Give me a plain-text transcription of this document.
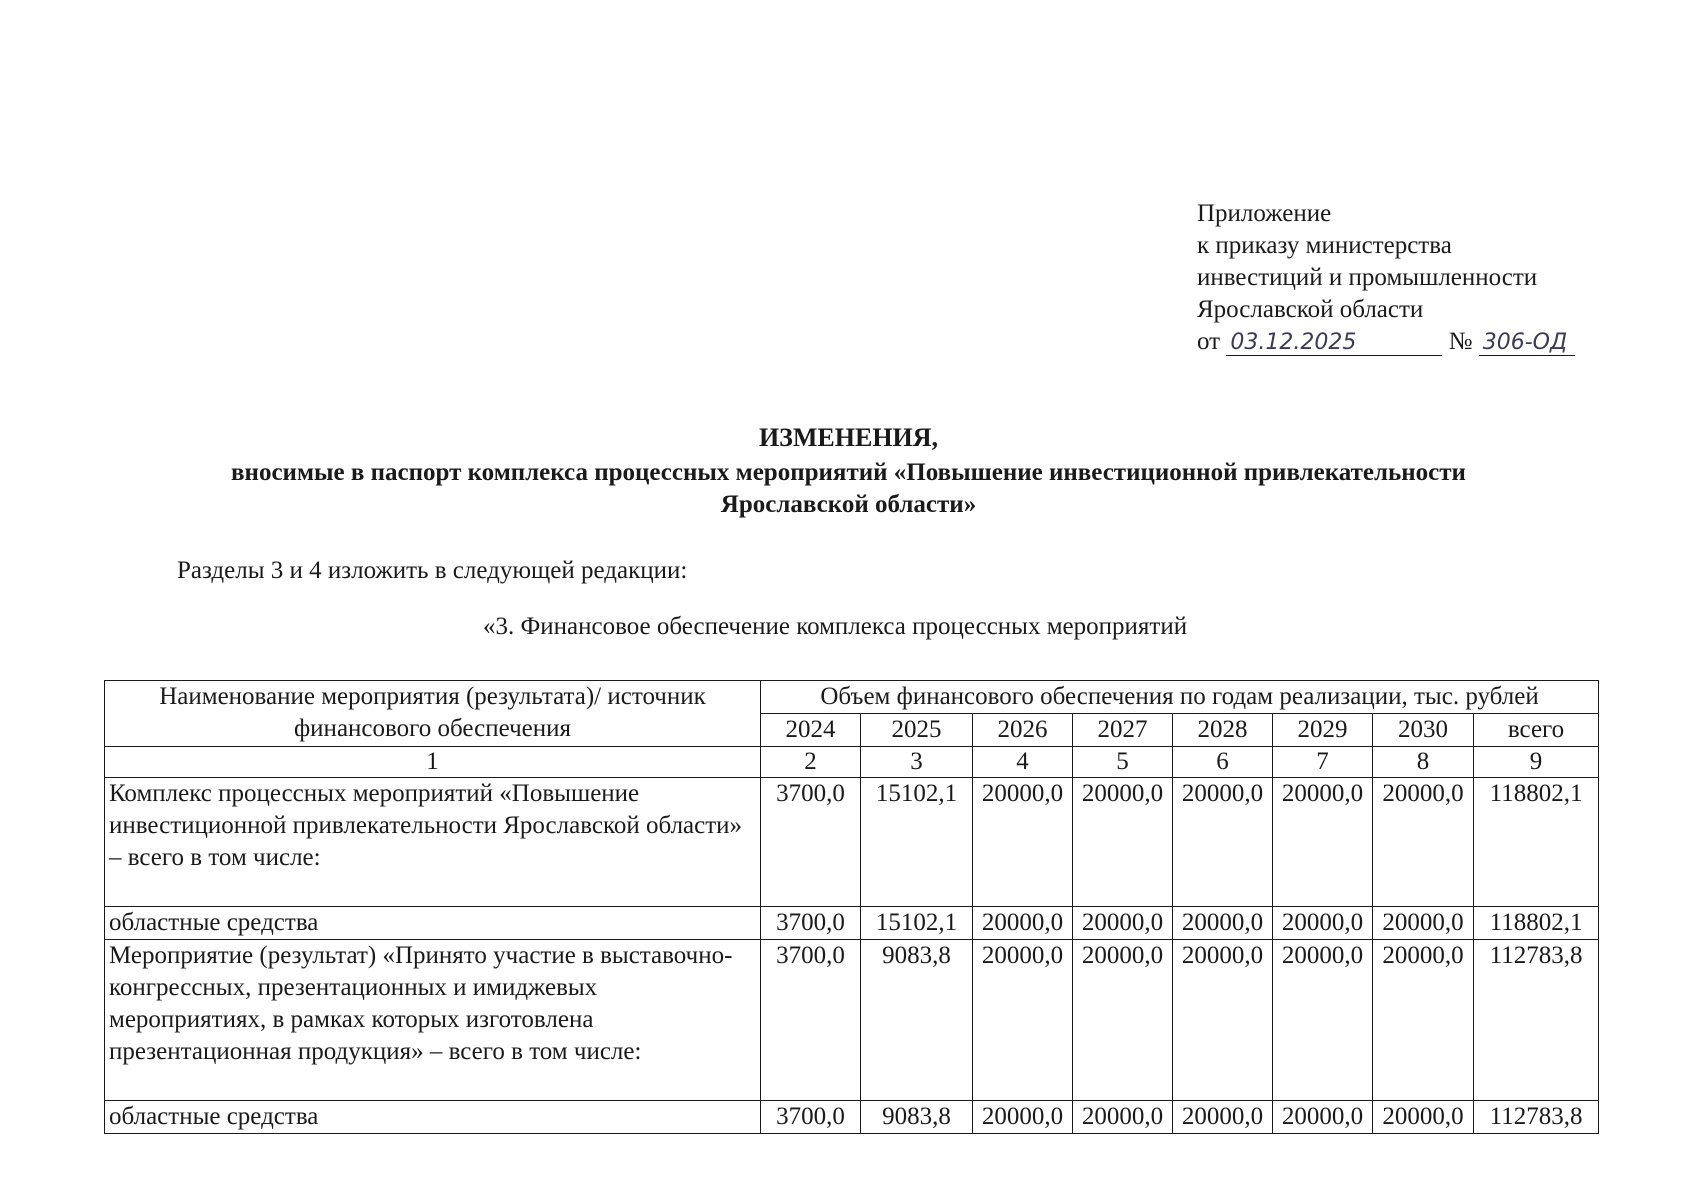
Приложение
к приказу министерства
инвестиций и промышленности
Ярославской области
от 03.12.2025	№ 306-ОД
ИЗМЕНЕНИЯ,
вносимые в паспорт комплекса процессных мероприятий «Повышение инвестиционной привлекательности
Ярославской области»
Разделы 3 и 4 изложить в следующей редакции:
«3. Финансовое обеспечение комплекса процессных мероприятий
Наименование мероприятия (результата)/ источник финансового обеспечения	Объем финансового обеспечения по годам реализации, тыс. рублей							
	2024	2025	2026	2027	2028	2029	2030	всего
1	2	3	4	5	6	7	8	9
Комплекс процессных мероприятий «Повышение инвестиционной привлекательности Ярославской области» – всего в том числе:	3700,0	15102,1	20000,0	20000,0	20000,0	20000,0	20000,0	118802,1
областные средства	3700,0	15102,1	20000,0	20000,0	20000,0	20000,0	20000,0	118802,1
Мероприятие (результат) «Принято участие в выставочно-конгрессных, презентационных и имиджевых мероприятиях, в рамках которых изготовлена презентационная продукция» – всего в том числе:	3700,0	9083,8	20000,0	20000,0	20000,0	20000,0	20000,0	112783,8
областные средства	3700,0	9083,8	20000,0	20000,0	20000,0	20000,0	20000,0	112783,8
